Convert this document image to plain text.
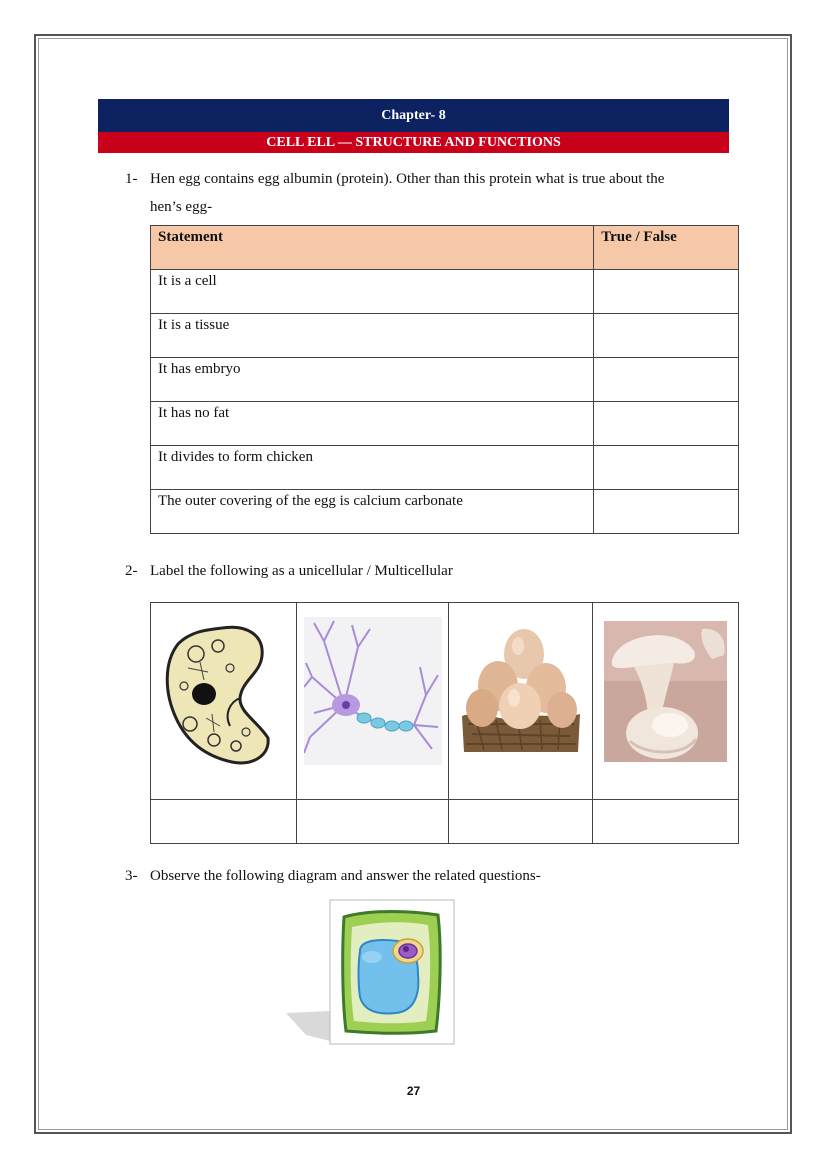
Chapter- 8
CELL ELL — STRUCTURE AND FUNCTIONS
1- Hen egg contains egg albumin (protein). Other than this protein what is true about the
hen’s egg-
Statement	True / False
It is a cell	
It is a tissue	
It has embryo	
It has no fat	
It divides to form chicken	
The outer covering of the egg is calcium carbonate	
2- Label the following as a unicellular / Multicellular

3- Observe the following diagram and answer the related questions-
27
